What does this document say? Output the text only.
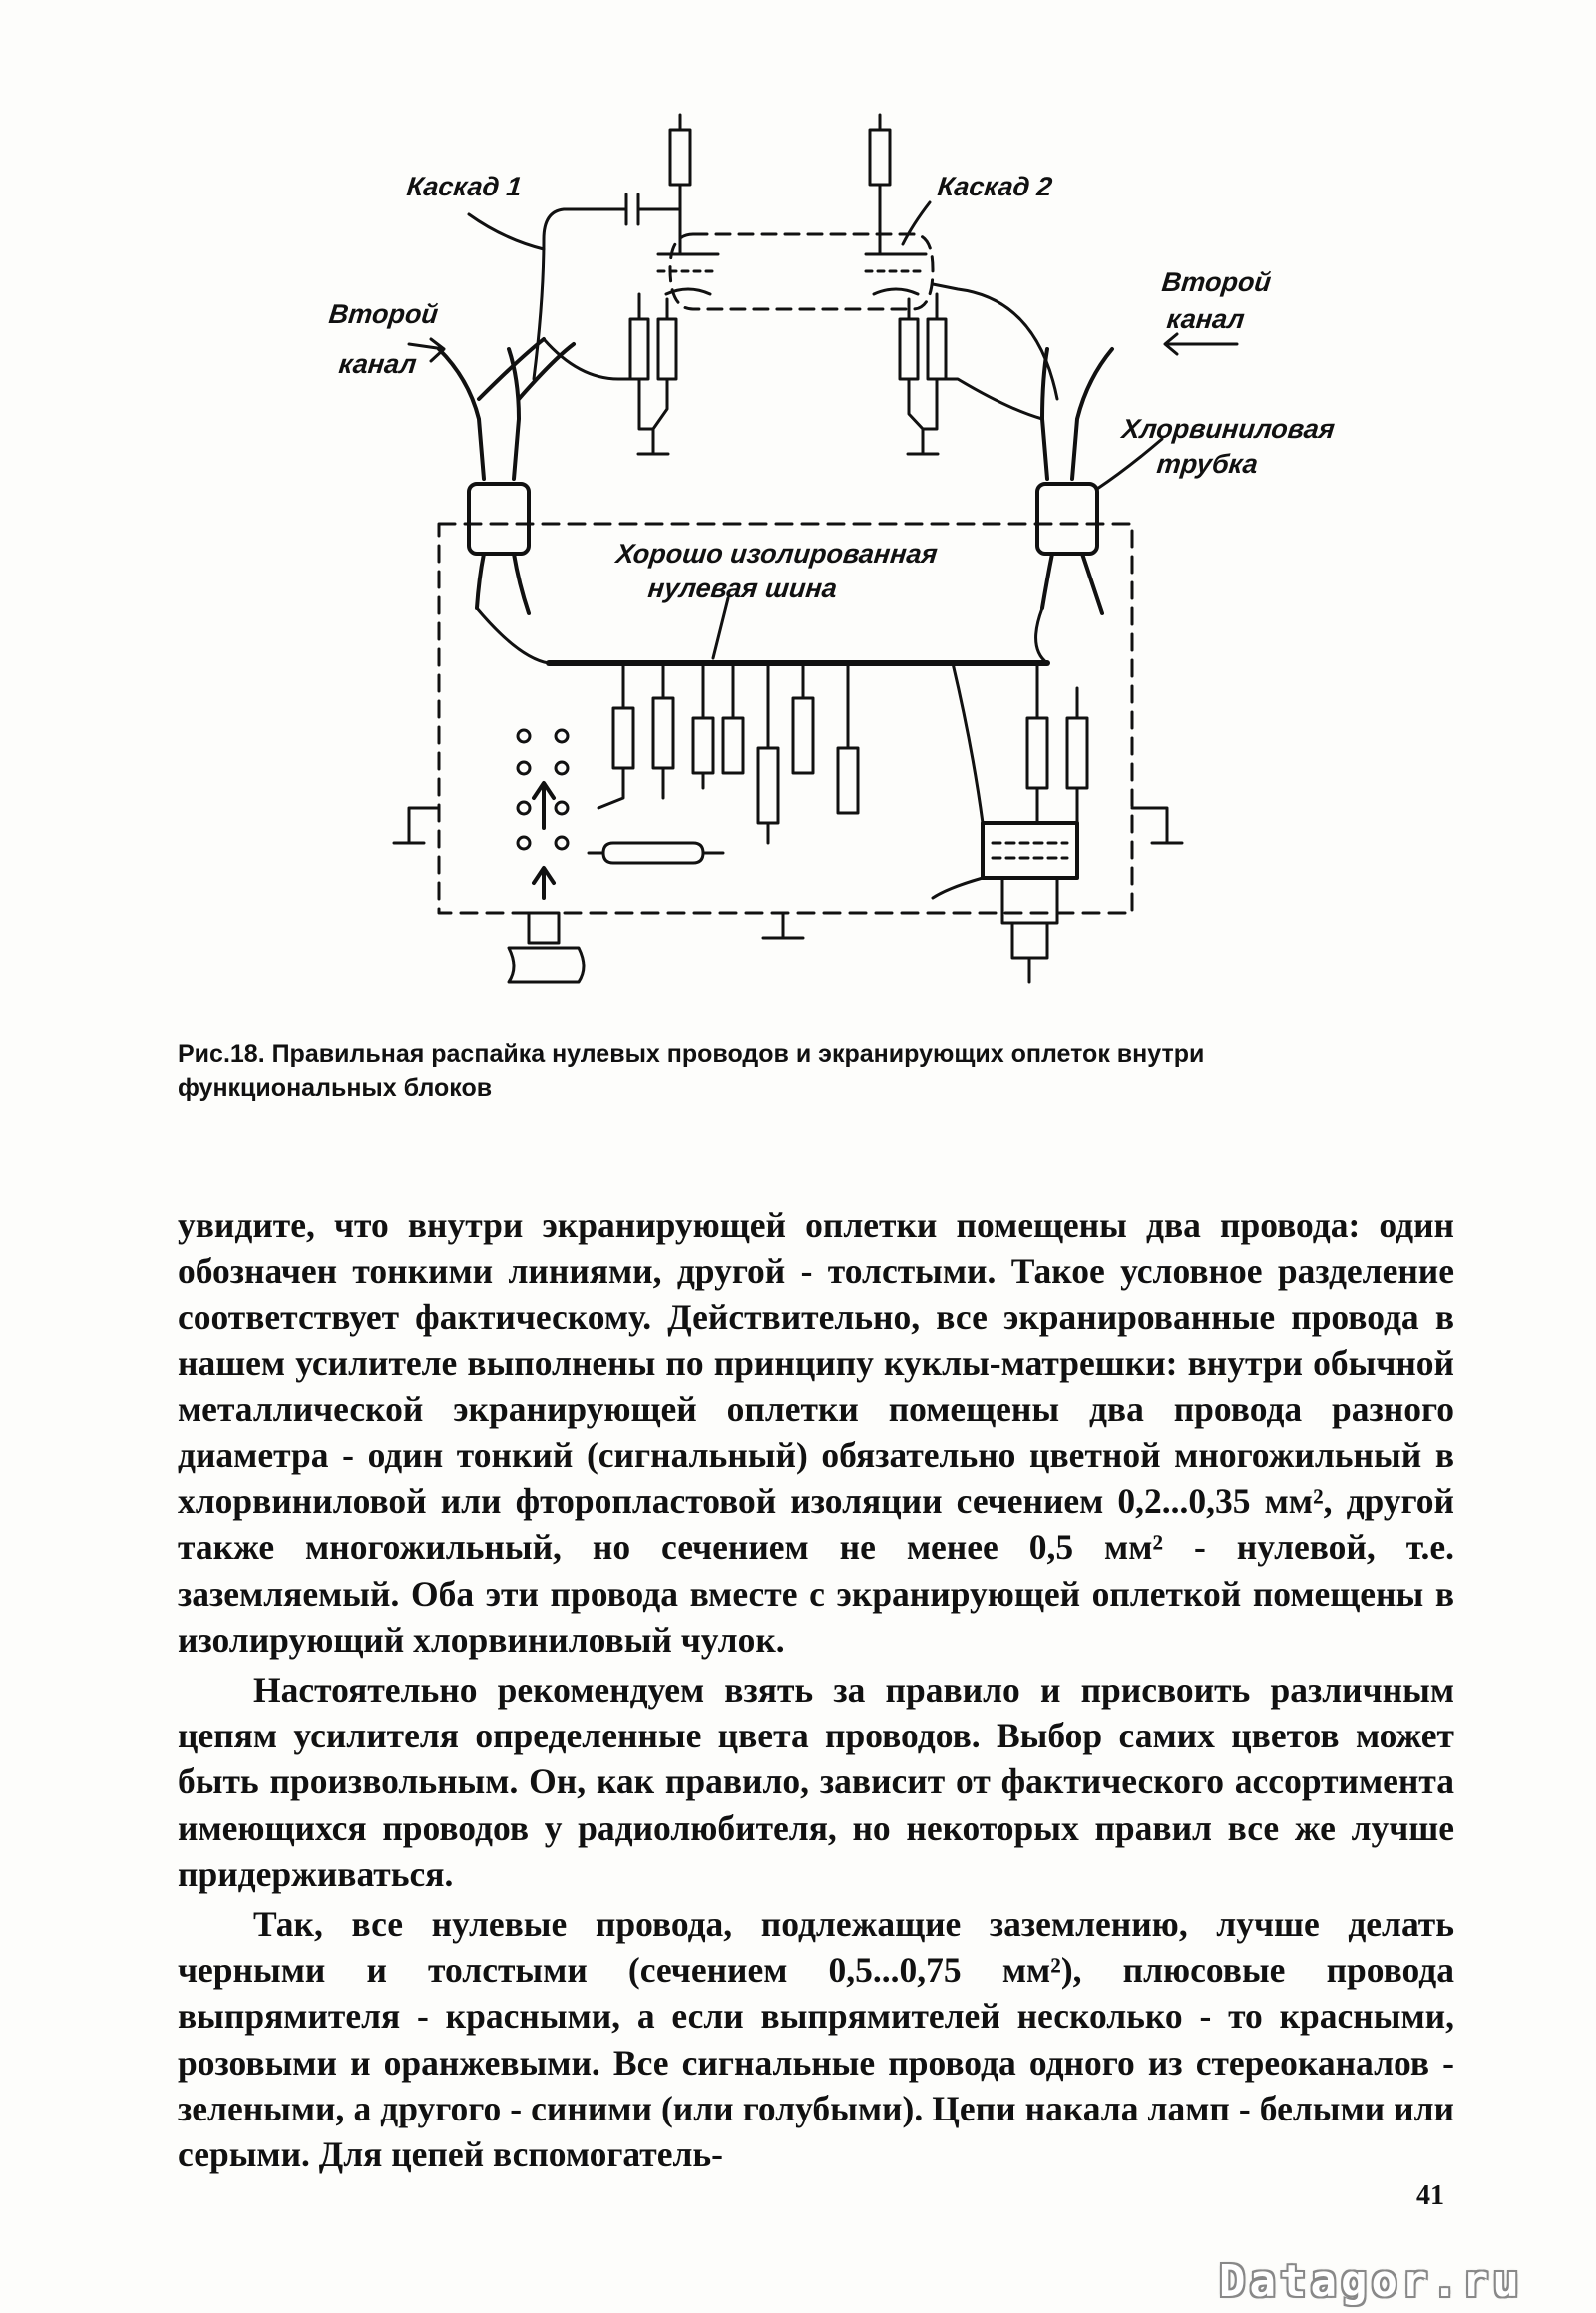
Каскад 1	Каскад 2
Второй
канал
Второй
канал
Хлорвиниловая
трубка
Хорошо изолированная
нулевая шина
Рис.18. Правильная распайка нулевых проводов и экранирующих оплеток внутри функциональных блоков

увидите, что внутри экранирующей оплетки помещены два провода: один обозначен тонкими линиями, другой - толстыми. Такое условное разделение соответствует фактическому. Действительно, все экранированные провода в нашем усилителе выполнены по принципу куклы-матрешки: внутри обычной металлической экранирующей оплетки помещены два провода разного диаметра - один тонкий (сигнальный) обязательно цветной многожильный в хлорвиниловой или фторопластовой изоляции сечением 0,2...0,35 мм², другой также многожильный, но сечением не менее 0,5 мм² - нулевой, т.е. заземляемый. Оба эти провода вместе с экранирующей оплеткой помещены в изолирующий хлорвиниловый чулок.

Настоятельно рекомендуем взять за правило и присвоить различным цепям усилителя определенные цвета проводов. Выбор самих цветов может быть произвольным. Он, как правило, зависит от фактического ассортимента имеющихся проводов у радиолюбителя, но некоторых правил все же лучше придерживаться.

Так, все нулевые провода, подлежащие заземлению, лучше делать черными и толстыми (сечением 0,5...0,75 мм²), плюсовые провода выпрямителя - красными, а если выпрямителей несколько - то красными, розовыми и оранжевыми. Все сигнальные провода одного из стереоканалов - зелеными, а другого - синими (или голубыми). Цепи накала ламп - белыми или серыми. Для цепей вспомогатель-

41
Datagor.ru
